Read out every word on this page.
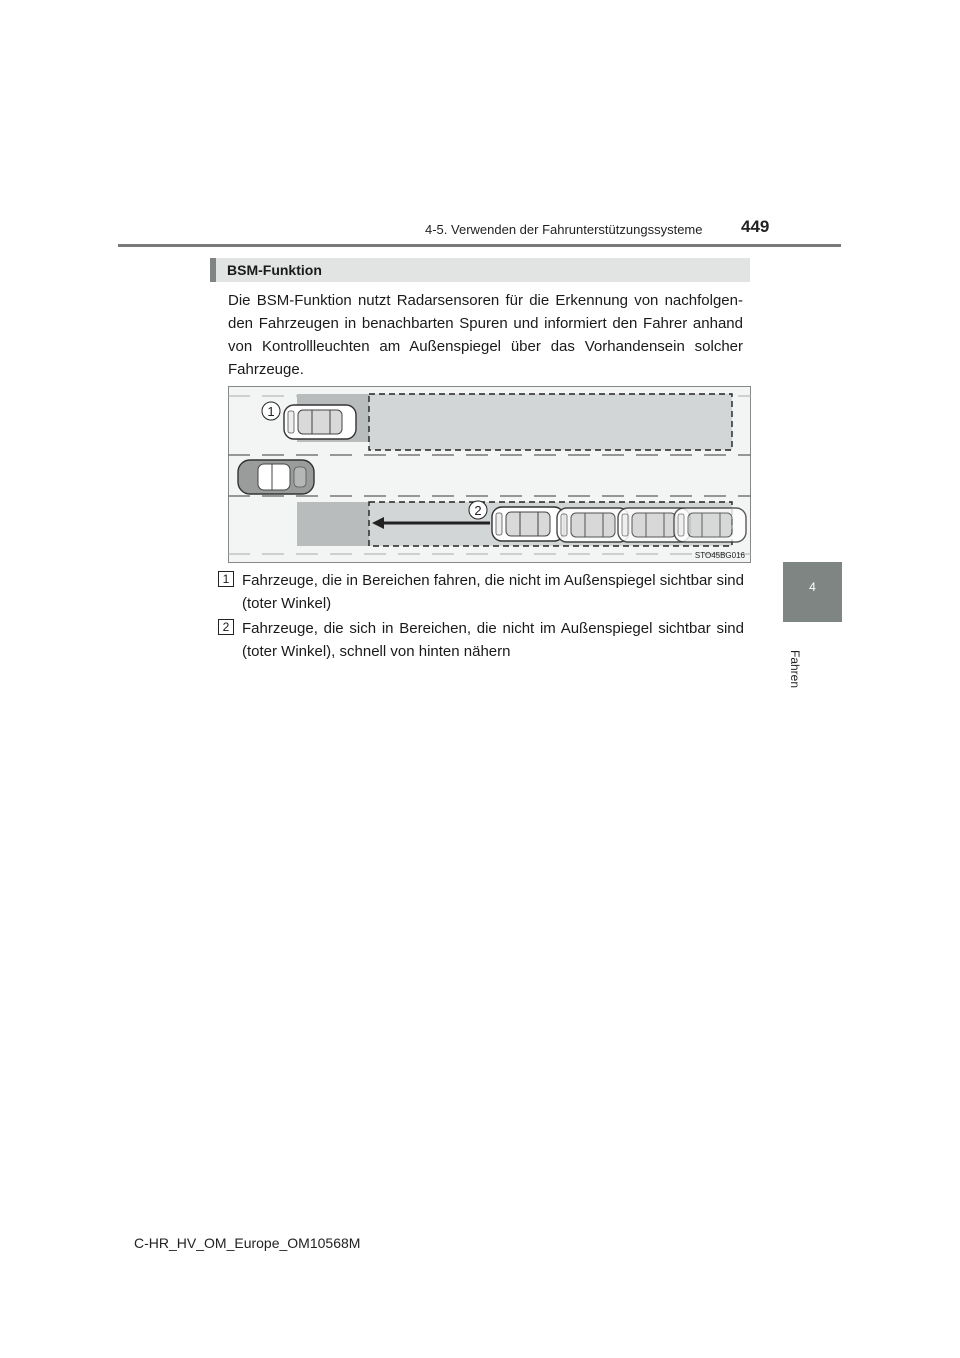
4-5. Verwenden der Fahrunterstützungssysteme 449
4
Fahren
BSM-Funktion

Die BSM-Funktion nutzt Radarsensoren für die Erkennung von nachfolgen-den Fahrzeugen in benachbarten Spuren und informiert den Fahrer anhand von Kontrollleuchten am Außenspiegel über das Vorhandensein solcher Fahrzeuge.

1
2
STO45BG016
1 Fahrzeuge, die in Bereichen fahren, die nicht im Außenspiegel sichtbar sind (toter Winkel)

2 Fahrzeuge, die sich in Bereichen, die nicht im Außenspiegel sichtbar sind (toter Winkel), schnell von hinten nähern

C-HR_HV_OM_Europe_OM10568M
